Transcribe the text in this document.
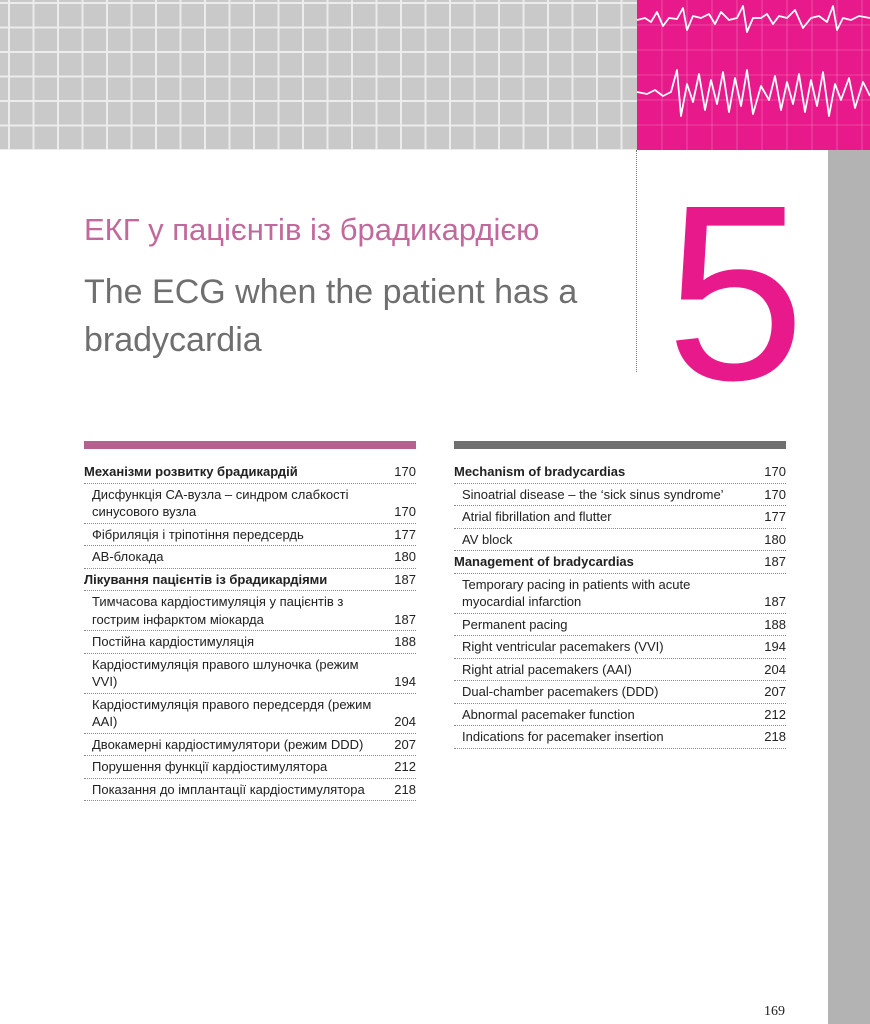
5
ЕКГ у пацієнтів із брадикардією
The ECG when the patient has a bradycardia
Механізми розвитку брадикардій	170
Дисфункція СА-вузла – синдром слабкості синусового вузла	170
Фібриляція і тріпотіння передсердь	177
АВ-блокада	180
Лікування пацієнтів із брадикардіями	187
Тимчасова кардіостимуляція у пацієнтів з гострим інфарктом міокарда	187
Постійна кардіостимуляція	188
Кардіостимуляція правого шлуночка (режим VVI)	194
Кардіостимуляція правого передсердя (режим AAI)	204
Двокамерні кардіостимулятори (режим DDD)	207
Порушення функції кардіостимулятора	212
Показання до імплантації кардіостимулятора	218
Mechanism of bradycardias	170
Sinoatrial disease – the ‘sick sinus syndrome’	170
Atrial fibrillation and flutter	177
AV block	180
Management of bradycardias	187
Temporary pacing in patients with acute myocardial infarction	187
Permanent pacing	188
Right ventricular pacemakers (VVI)	194
Right atrial pacemakers (AAI)	204
Dual-chamber pacemakers (DDD)	207
Abnormal pacemaker function	212
Indications for pacemaker insertion	218
169
